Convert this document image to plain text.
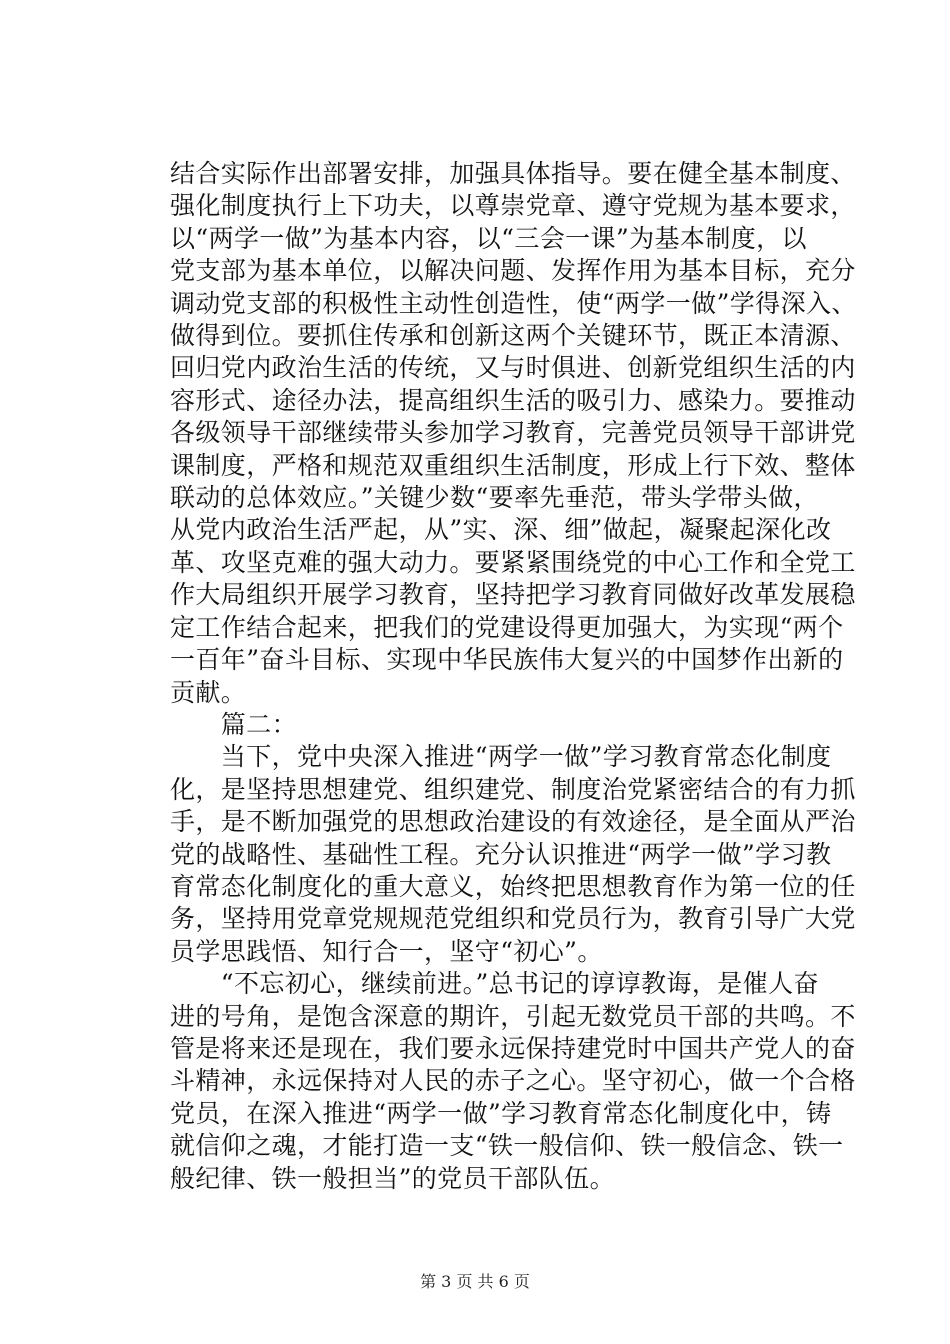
结合实际作出部署安排，加强具体指导。要在健全基本制度、
强化制度执行上下功夫，以尊崇党章、遵守党规为基本要求，
以“两学一做”为基本内容，以“三会一课”为基本制度，以
党支部为基本单位，以解决问题、发挥作用为基本目标，充分
调动党支部的积极性主动性创造性，使“两学一做”学得深入、
做得到位。要抓住传承和创新这两个关键环节，既正本清源、
回归党内政治生活的传统，又与时俱进、创新党组织生活的内
容形式、途径办法，提高组织生活的吸引力、感染力。要推动
各级领导干部继续带头参加学习教育，完善党员领导干部讲党
课制度，严格和规范双重组织生活制度，形成上行下效、整体
联动的总体效应。”关键少数“要率先垂范，带头学带头做，
从党内政治生活严起，从”实、深、细”做起，凝聚起深化改
革、攻坚克难的强大动力。要紧紧围绕党的中心工作和全党工
作大局组织开展学习教育，坚持把学习教育同做好改革发展稳
定工作结合起来，把我们的党建设得更加强大，为实现“两个
一百年”奋斗目标、实现中华民族伟大复兴的中国梦作出新的
贡献。
　　篇二：
　　当下，党中央深入推进“两学一做”学习教育常态化制度
化，是坚持思想建党、组织建党、制度治党紧密结合的有力抓
手，是不断加强党的思想政治建设的有效途径，是全面从严治
党的战略性、基础性工程。充分认识推进“两学一做”学习教
育常态化制度化的重大意义，始终把思想教育作为第一位的任
务，坚持用党章党规规范党组织和党员行为，教育引导广大党
员学思践悟、知行合一，坚守“初心”。
　　“不忘初心，继续前进。”总书记的谆谆教诲，是催人奋
进的号角，是饱含深意的期许，引起无数党员干部的共鸣。不
管是将来还是现在，我们要永远保持建党时中国共产党人的奋
斗精神，永远保持对人民的赤子之心。坚守初心，做一个合格
党员，在深入推进“两学一做”学习教育常态化制度化中，铸
就信仰之魂，才能打造一支“铁一般信仰、铁一般信念、铁一
般纪律、铁一般担当”的党员干部队伍。
第 3 页 共 6 页
